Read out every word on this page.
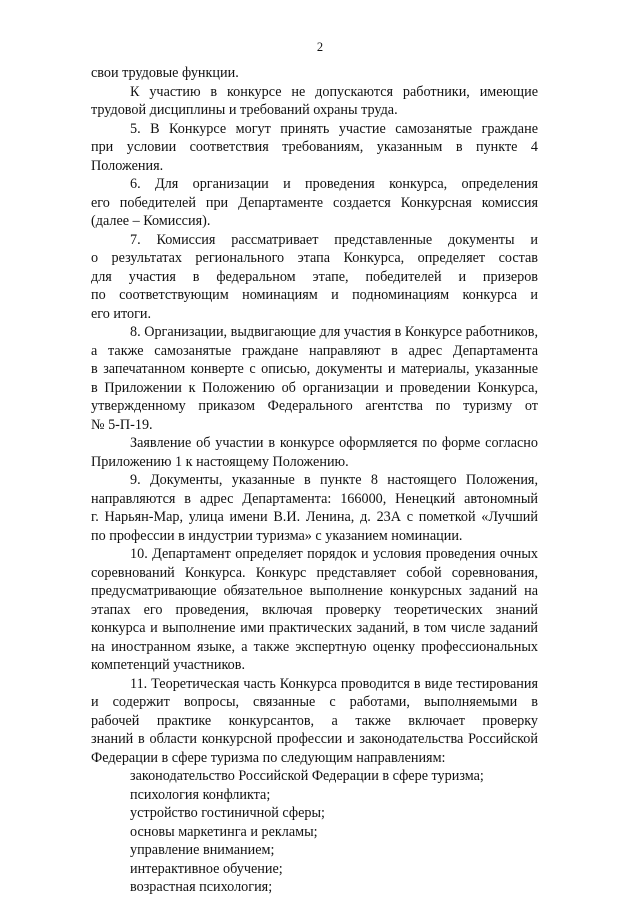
2
свои трудовые функции.
К участию в конкурсе не допускаются работники, имеющие
трудовой дисциплины и требований охраны труда.
5. В Конкурсе могут принять участие самозанятые граждане
при условии соответствия требованиям, указанным в пункте 4
Положения.
6. Для организации и проведения конкурса, определения
его победителей при Департаменте создается Конкурсная комиссия
(далее – Комиссия).
7. Комиссия рассматривает представленные документы и
о результатах регионального этапа Конкурса, определяет состав
для участия в федеральном этапе, победителей и призеров
по соответствующим номинациям и подноминациям конкурса и
его итоги.
8. Организации, выдвигающие для участия в Конкурсе работников,
а также самозанятые граждане направляют в адрес Департамента
в запечатанном конверте с описью, документы и материалы, указанные
в Приложении к Положению об организации и проведении Конкурса,
утвержденному приказом Федерального агентства по туризму от
№ 5-П-19.
Заявление об участии в конкурсе оформляется по форме согласно
Приложению 1 к настоящему Положению.
9. Документы, указанные в пункте 8 настоящего Положения,
направляются в адрес Департамента: 166000, Ненецкий автономный
г. Нарьян-Мар, улица имени В.И. Ленина, д. 23А с пометкой «Лучший
по профессии в индустрии туризма» с указанием номинации.
10. Департамент определяет порядок и условия проведения очных
соревнований Конкурса. Конкурс представляет собой соревнования,
предусматривающие обязательное выполнение конкурсных заданий на
этапах его проведения, включая проверку теоретических знаний
конкурса и выполнение ими практических заданий, в том числе заданий
на иностранном языке, а также экспертную оценку профессиональных
компетенций участников.
11. Теоретическая часть Конкурса проводится в виде тестирования
и содержит вопросы, связанные с работами, выполняемыми в
рабочей практике конкурсантов, а также включает проверку
знаний в области конкурсной профессии и законодательства Российской
Федерации в сфере туризма по следующим направлениям:
законодательство Российской Федерации в сфере туризма;
психология конфликта;
устройство гостиничной сферы;
основы маркетинга и рекламы;
управление вниманием;
интерактивное обучение;
возрастная психология;
